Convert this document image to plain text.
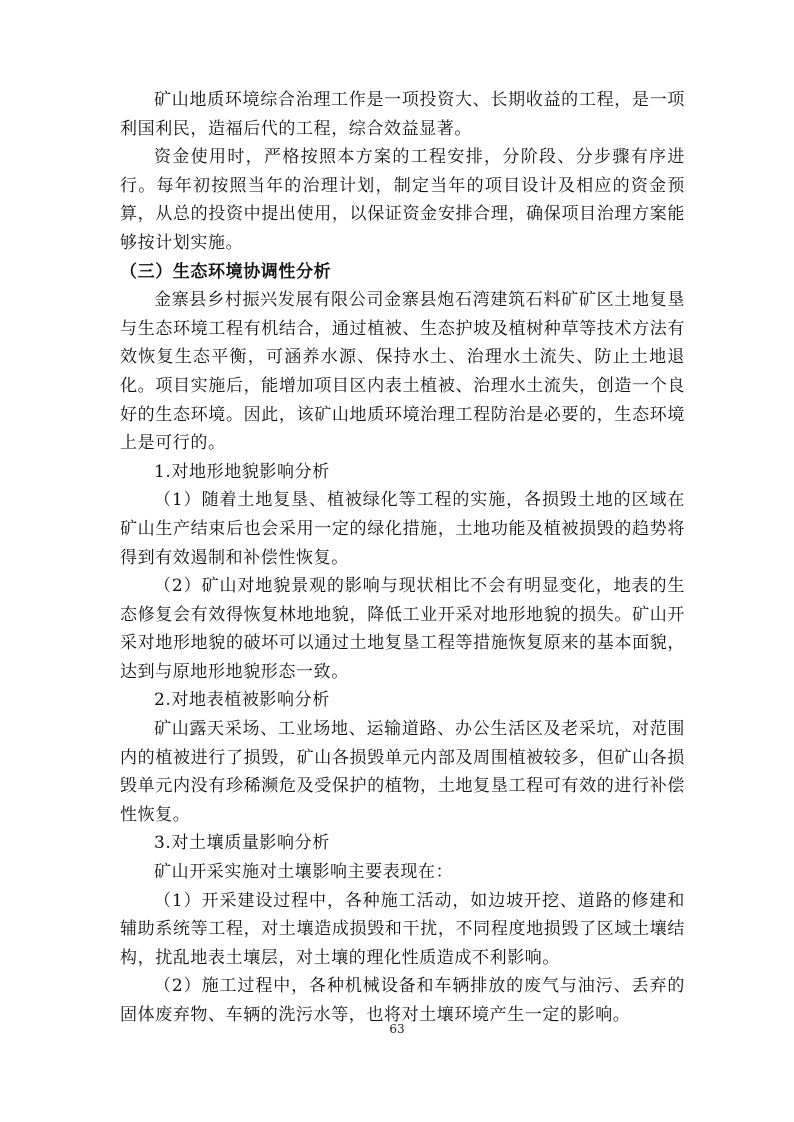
矿山地质环境综合治理工作是一项投资大、长期收益的工程，是一项利国利民，造福后代的工程，综合效益显著。

资金使用时，严格按照本方案的工程安排，分阶段、分步骤有序进行。每年初按照当年的治理计划，制定当年的项目设计及相应的资金预算，从总的投资中提出使用，以保证资金安排合理，确保项目治理方案能够按计划实施。

（三）生态环境协调性分析

金寨县乡村振兴发展有限公司金寨县炮石湾建筑石料矿矿区土地复垦与生态环境工程有机结合，通过植被、生态护坡及植树种草等技术方法有效恢复生态平衡，可涵养水源、保持水土、治理水土流失、防止土地退化。项目实施后，能增加项目区内表土植被、治理水土流失，创造一个良好的生态环境。因此，该矿山地质环境治理工程防治是必要的，生态环境上是可行的。

1.对地形地貌影响分析

（1）随着土地复垦、植被绿化等工程的实施，各损毁土地的区域在矿山生产结束后也会采用一定的绿化措施，土地功能及植被损毁的趋势将得到有效遏制和补偿性恢复。

（2）矿山对地貌景观的影响与现状相比不会有明显变化，地表的生态修复会有效得恢复林地地貌，降低工业开采对地形地貌的损失。矿山开采对地形地貌的破坏可以通过土地复垦工程等措施恢复原来的基本面貌，达到与原地形地貌形态一致。

2.对地表植被影响分析

矿山露天采场、工业场地、运输道路、办公生活区及老采坑，对范围内的植被进行了损毁，矿山各损毁单元内部及周围植被较多，但矿山各损毁单元内没有珍稀濒危及受保护的植物，土地复垦工程可有效的进行补偿性恢复。

3.对土壤质量影响分析

矿山开采实施对土壤影响主要表现在：

（1）开采建设过程中，各种施工活动，如边坡开挖、道路的修建和辅助系统等工程，对土壤造成损毁和干扰，不同程度地损毁了区域土壤结构，扰乱地表土壤层，对土壤的理化性质造成不利影响。

（2）施工过程中，各种机械设备和车辆排放的废气与油污、丢弃的固体废弃物、车辆的洗污水等，也将对土壤环境产生一定的影响。

63
